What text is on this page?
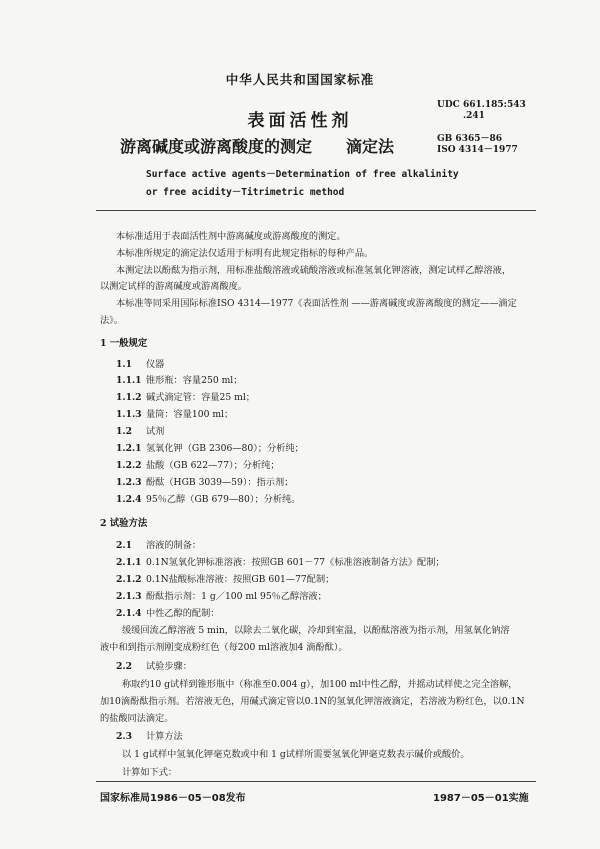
中华人民共和国国家标准
UDC 661.185:543
.241
GB 6365－86
ISO 4314－1977
表面活性剂
游离碱度或游离酸度的测定 滴定法
Surface active agents－Determination of free alkalinity
or free acidity－Titrimetric method
本标准适用于表面活性剂中游离碱度或游离酸度的测定。
本标准所规定的滴定法仅适用于标明有此规定指标的每种产品。
本测定法以酚酞为指示剂，用标准盐酸溶液或硫酸溶液或标准氢氧化钾溶液，测定试样乙醇溶液，
以测定试样的游离碱度或游离酸度。
本标准等同采用国际标准ISO 4314—1977《表面活性剂 ——游离碱度或游离酸度的测定——滴定
法》。
1 一般规定
1.1 仪器
1.1.1 锥形瓶：容量250 ml；
1.1.2 碱式滴定管：容量25 ml；
1.1.3 量筒：容量100 ml；
1.2 试剂
1.2.1 氢氧化钾（GB 2306—80）；分析纯；
1.2.2 盐酸（GB 622—77）；分析纯；
1.2.3 酚酞（HGB 3039—59）：指示剂；
1.2.4 95％乙醇（GB 679—80）；分析纯。
2 试验方法
2.1 溶液的制备：
2.1.1 0.1N氢氧化钾标准溶液：按照GB 601－77《标准溶液制备方法》配制；
2.1.2 0.1N盐酸标准溶液：按照GB 601—77配制；
2.1.3 酚酞指示剂：1 g／100 ml 95％乙醇溶液；
2.1.4 中性乙醇的配制：
缓缓回流乙醇溶液 5 min，以除去二氧化碳，冷却到室温，以酚酞溶液为指示剂，用氢氧化钠溶
液中和到指示剂刚变成粉红色（每200 ml溶液加4 滴酚酞）。
2.2 试验步骤：
称取约10 g试样到锥形瓶中（称准至0.004 g），加100 ml中性乙醇，并摇动试样使之完全溶解，
加10滴酚酞指示剂。若溶液无色，用碱式滴定管以0.1N的氢氧化钾溶液滴定，若溶液为粉红色，以0.1N
的盐酸同法滴定。
2.3 计算方法
以 1 g试样中氢氧化钾毫克数或中和 1 g试样所需要氢氧化钾毫克数表示碱价或酸价。
计算如下式：
国家标准局1986－05－08发布	1987－05－01实施
